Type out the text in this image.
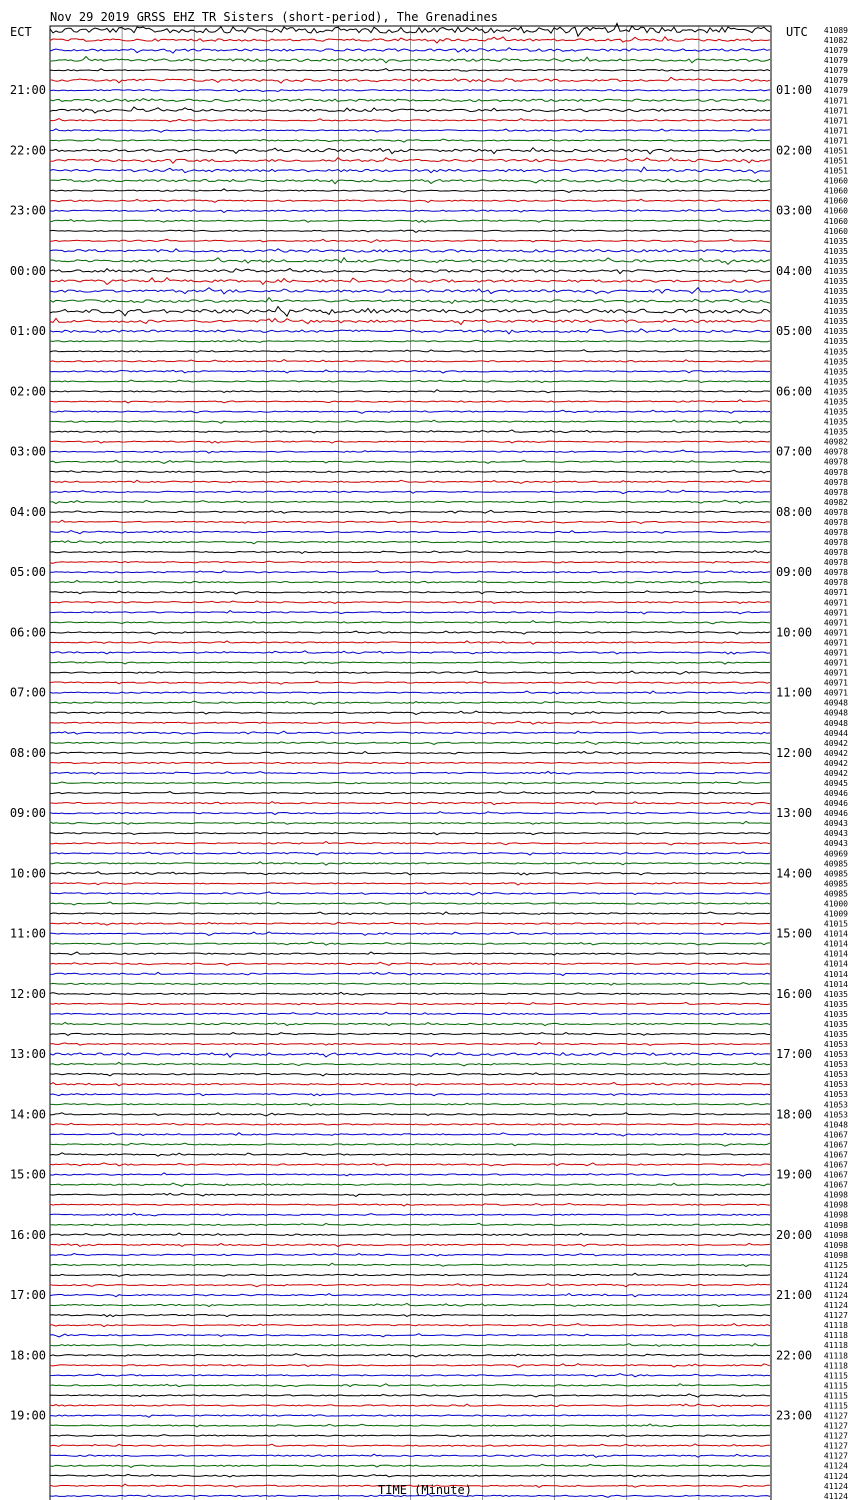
Nov 29 2019 GRSS EHZ TR Sisters (short-period), The Grenadines
ECT	UTC
21:00
22:00
23:00
00:00
01:00
02:00
03:00
04:00
05:00
06:00
07:00
08:00
09:00
10:00
11:00
12:00
13:00
14:00
15:00
16:00
17:00
18:00
19:00
01:00
02:00
03:00
04:00
05:00
06:00
07:00
08:00
09:00
10:00
11:00
12:00
13:00
14:00
15:00
16:00
17:00
18:00
19:00
20:00
21:00
22:00
23:00
41089
41082
41079
41079
41079
41079
41079
41071
41071
41071
41071
41071
41051
41051
41051
41060
41060
41060
41060
41060
41060
41035
41035
41035
41035
41035
41035
41035
41035
41035
41035
41035
41035
41035
41035
41035
41035
41035
41035
41035
41035
40982
40978
40978
40978
40978
40978
40982
40978
40978
40978
40978
40978
40978
40978
40978
40971
40971
40971
40971
40971
40971
40971
40971
40971
40971
40971
40948
40948
40948
40944
40942
40942
40942
40942
40945
40946
40946
40946
40943
40943
40943
40969
40985
40985
40985
40985
41000
41009
41015
41014
41014
41014
41014
41014
41014
41035
41035
41035
41035
41035
41053
41053
41053
41053
41053
41053
41053
41053
41048
41067
41067
41067
41067
41067
41067
41098
41098
41098
41098
41098
41098
41098
41125
41124
41124
41124
41124
41127
41118
41118
41118
41118
41118
41115
41115
41115
41115
41127
41127
41127
41127
41127
41124
41124
41124
41124
TIME (Minute)
